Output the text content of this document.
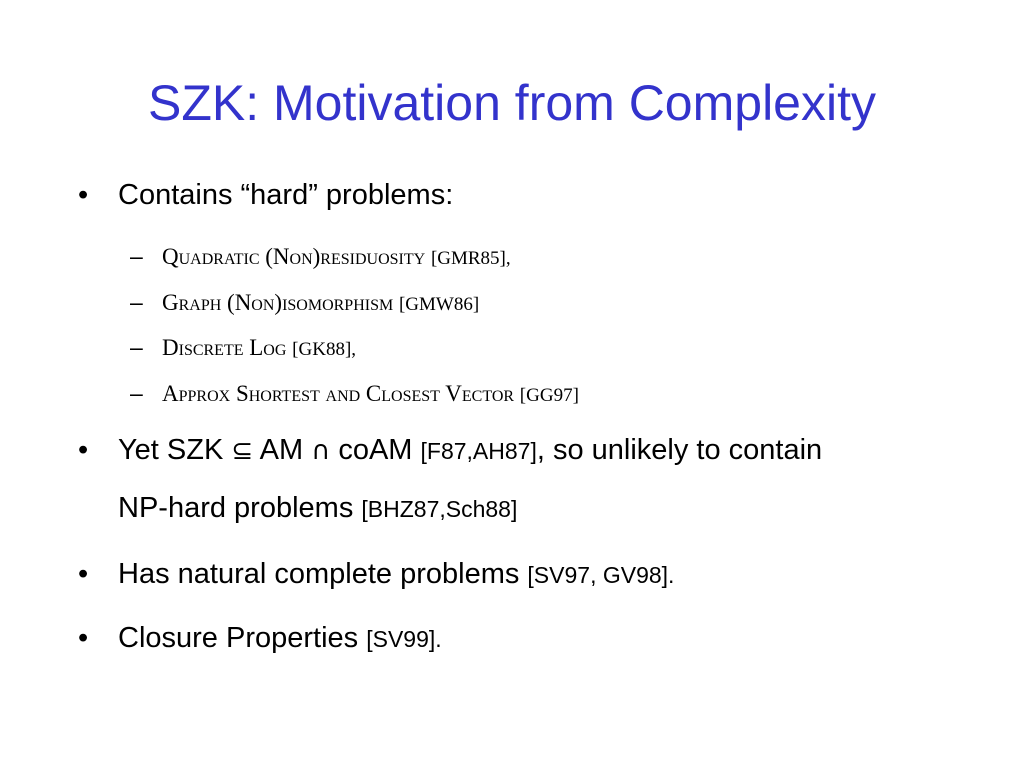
SZK: Motivation from Complexity
• Contains “hard” problems:
– Quadratic (Non)residuosity [GMR85],
– Graph (Non)isomorphism [GMW86]
– Discrete Log [GK88],
– Approx Shortest and Closest Vector [GG97]
• Yet SZK ⊆ AM ∩ coAM [F87,AH87], so unlikely to contain
NP-hard problems [BHZ87,Sch88]
• Has natural complete problems [SV97, GV98].
• Closure Properties [SV99].
